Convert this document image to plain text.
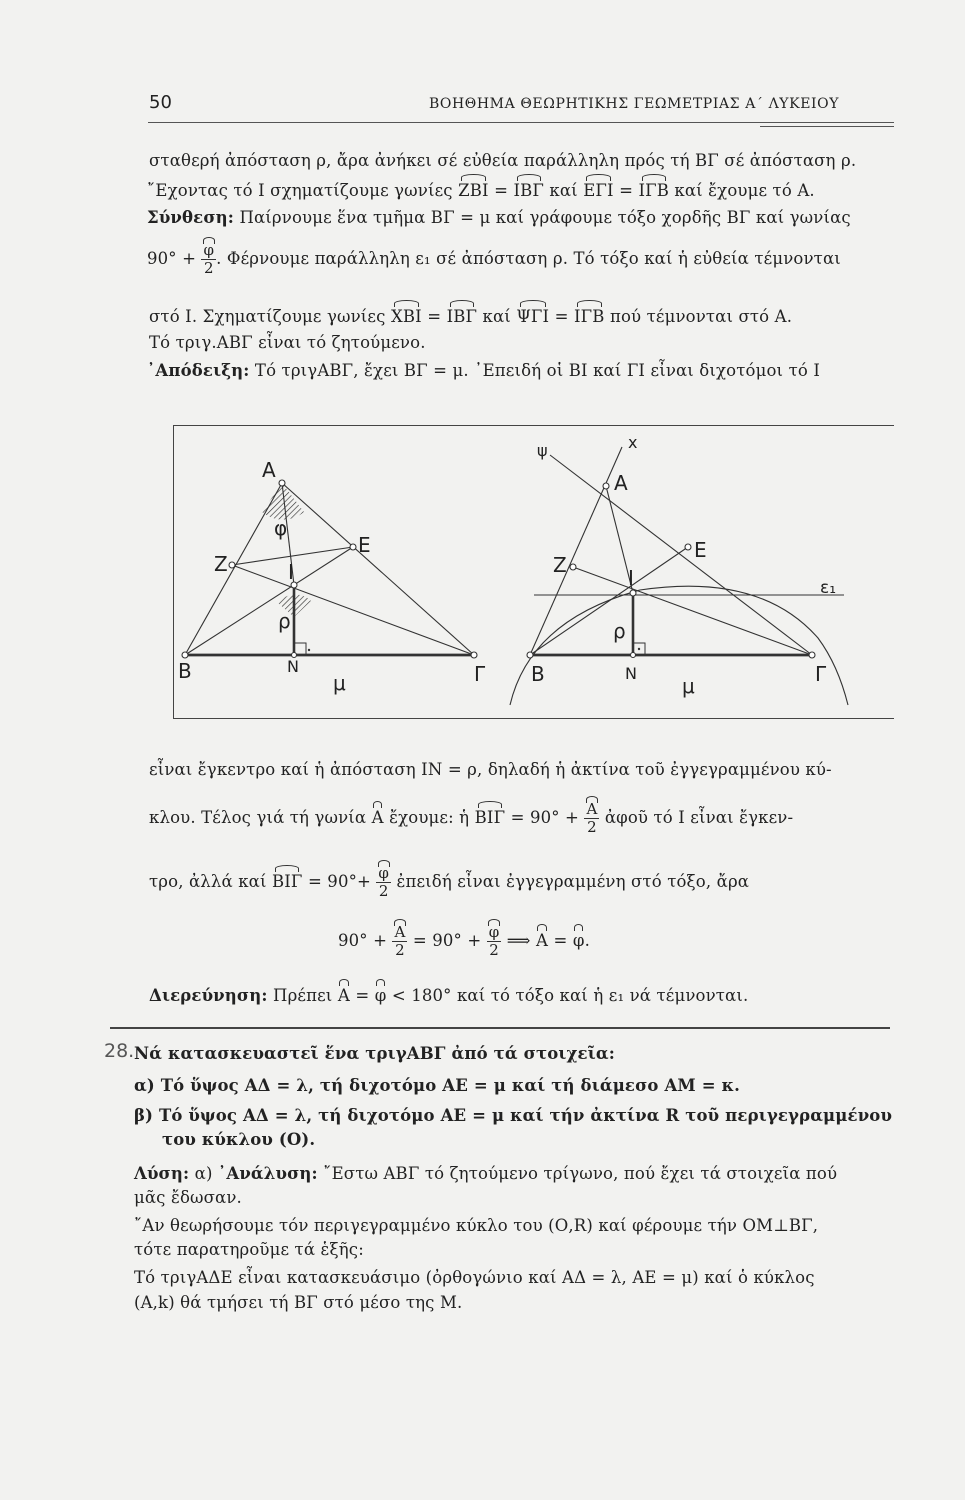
50	ΒΟΗΘΗΜΑ ΘΕΩΡΗΤΙΚΗΣ ΓΕΩΜΕΤΡΙΑΣ Α΄ ΛΥΚΕΙΟΥ
σταθερή ἀπόσταση ρ, ἄρα ἀνήκει σέ εὐθεία παράλληλη πρός τή ΒΓ σέ ἀπόσταση ρ.
῎Εχοντας τό Ι σχηματίζουμε γωνίες ΖΒΙ = ΙΒΓ καί ΕΓΙ = ΙΓΒ καί ἔχουμε τό Α.
Σύνθεση: Παίρνουμε ἕνα τμῆμα ΒΓ = μ καί γράφουμε τόξο χορδῆς ΒΓ καί γωνίας
$90^\circ + \frac{\varphi}{2}$ . Φέρνουμε παράλληλη ε₁ σέ ἀπόσταση ρ. Τό τόξο καί ἡ εὐθεία τέμνονται
στό Ι. Σχηματίζουμε γωνίες ΧΒΙ = ΙΒΓ καί ΨΓΙ = ΙΓΒ πού τέμνονται στό Α.
Τό τριγ.ΑΒΓ εἶναι τό ζητούμενο.
᾿Απόδειξη: Τό τριγΑΒΓ, ἔχει ΒΓ = μ. ᾿Επειδή οἱ ΒΙ καί ΓΙ εἶναι διχοτόμοι τό Ι
A
φ
Z
E
I
ρ
B	N
μ	Γ
ψ	x
A
Z
E
I	ε₁
ρ
B	N
μ	Γ
εἶναι ἔγκεντρο καί ἡ ἀπόσταση ΙΝ = ρ, δηλαδή ἡ ἀκτίνα τοῦ ἐγγεγραμμένου κύ-
κλου. Τέλος γιά τή γωνία Α ἔχουμε: ἡ $BI\Gamma = 90^\circ + \frac{A}{2}$ ἀφοῦ τό Ι εἶναι ἔγκεν-
τρο, ἀλλά καί $BI\Gamma = 90^\circ+ \frac{\varphi}{2}$ ἐπειδή εἶναι ἐγγεγραμμένη στό τόξο, ἄρα
$90^\circ + \frac{A}{2} = 90^\circ + \frac{\varphi}{2}$ ⟹ Α = φ.
Διερεύνηση: Πρέπει Α = φ < 180° καί τό τόξο καί ἡ ε₁ νά τέμνονται.
28. Νά κατασκευαστεῖ ἕνα τριγΑΒΓ ἀπό τά στοιχεῖα:
α) Τό ὕψος ΑΔ = λ, τή διχοτόμο ΑΕ = μ καί τή διάμεσο ΑΜ = κ.
β) Τό ὕψος ΑΔ = λ, τή διχοτόμο ΑΕ = μ καί τήν ἀκτίνα R τοῦ περιγεγραμμένου
του κύκλου (Ο).
Λύση: α) ᾿Ανάλυση: ῎Εστω ΑΒΓ τό ζητούμενο τρίγωνο, πού ἔχει τά στοιχεῖα πού
μᾶς ἔδωσαν.
῎Αν θεωρήσουμε τόν περιγεγραμμένο κύκλο του (Ο,R) καί φέρουμε τήν ΟΜ⊥ΒΓ,
τότε παρατηροῦμε τά ἑξῆς:
Τό τριγΑΔΕ εἶναι κατασκευάσιμο (ὀρθογώνιο καί ΑΔ = λ, ΑΕ = μ) καί ὁ κύκλος
(Α,k) θά τμήσει τή ΒΓ στό μέσο της Μ.
